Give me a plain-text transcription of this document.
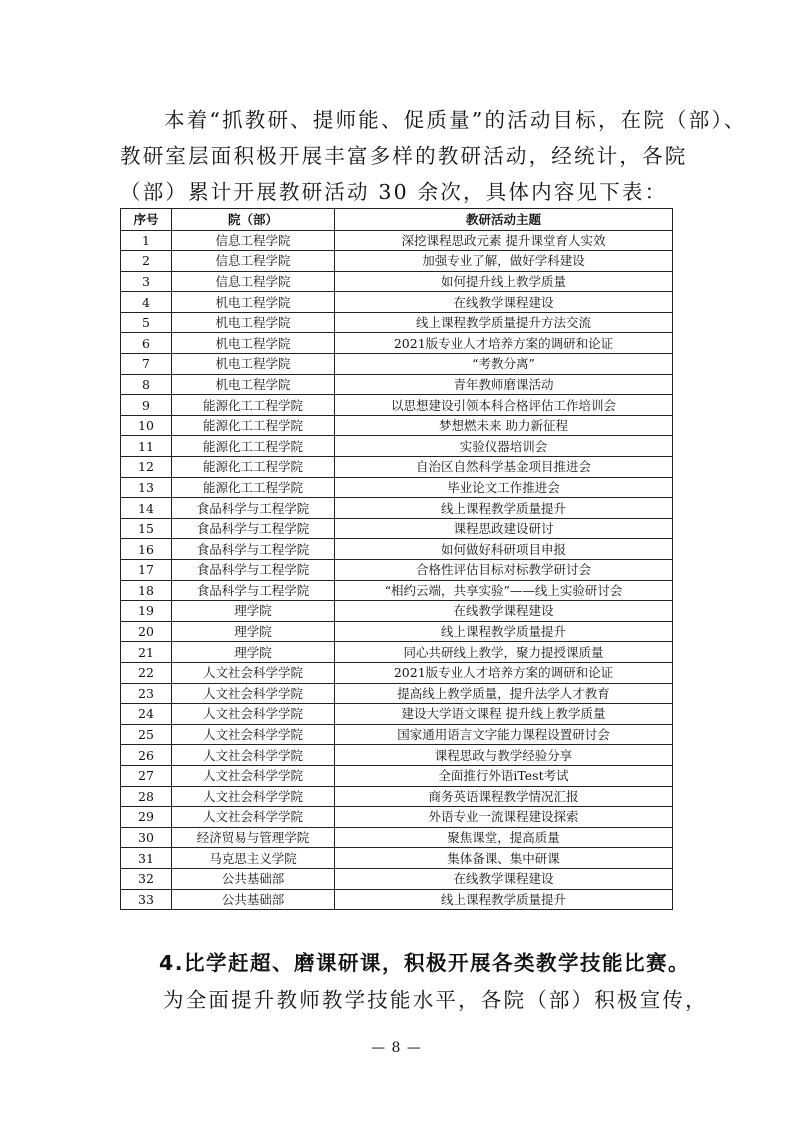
本着“抓教研、提师能、促质量”的活动目标，在院（部）、
教研室层面积极开展丰富多样的教研活动，经统计，各院
（部）累计开展教研活动 30 余次，具体内容见下表：
序号	院（部）	教研活动主题
1	信息工程学院	深挖课程思政元素 提升课堂育人实效
2	信息工程学院	加强专业了解，做好学科建设
3	信息工程学院	如何提升线上教学质量
4	机电工程学院	在线教学课程建设
5	机电工程学院	线上课程教学质量提升方法交流
6	机电工程学院	2021版专业人才培养方案的调研和论证
7	机电工程学院	“考教分离”
8	机电工程学院	青年教师磨课活动
9	能源化工工程学院	以思想建设引领本科合格评估工作培训会
10	能源化工工程学院	梦想燃未来 助力新征程
11	能源化工工程学院	实验仪器培训会
12	能源化工工程学院	自治区自然科学基金项目推进会
13	能源化工工程学院	毕业论文工作推进会
14	食品科学与工程学院	线上课程教学质量提升
15	食品科学与工程学院	课程思政建设研讨
16	食品科学与工程学院	如何做好科研项目申报
17	食品科学与工程学院	合格性评估目标对标教学研讨会
18	食品科学与工程学院	“相约云端，共享实验”——线上实验研讨会
19	理学院	在线教学课程建设
20	理学院	线上课程教学质量提升
21	理学院	同心共研线上教学，聚力提授课质量
22	人文社会科学学院	2021版专业人才培养方案的调研和论证
23	人文社会科学学院	提高线上教学质量，提升法学人才教育
24	人文社会科学学院	建设大学语文课程 提升线上教学质量
25	人文社会科学学院	国家通用语言文字能力课程设置研讨会
26	人文社会科学学院	课程思政与教学经验分享
27	人文社会科学学院	全面推行外语iTest考试
28	人文社会科学学院	商务英语课程教学情况汇报
29	人文社会科学学院	外语专业一流课程建设探索
30	经济贸易与管理学院	聚焦课堂，提高质量
31	马克思主义学院	集体备课、集中研课
32	公共基础部	在线教学课程建设
33	公共基础部	线上课程教学质量提升
4.比学赶超、磨课研课，积极开展各类教学技能比赛。
为全面提升教师教学技能水平，各院（部）积极宣传，
— 8 —
